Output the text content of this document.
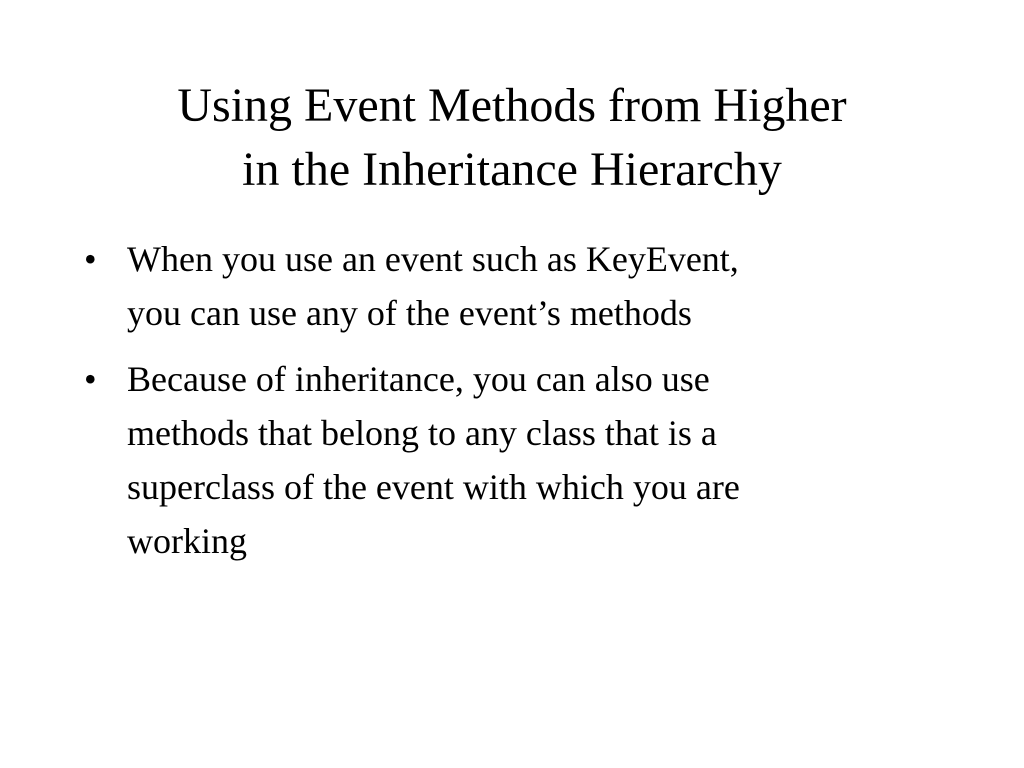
Using Event Methods from Higher
in the Inheritance Hierarchy
• When you use an event such as KeyEvent,
you can use any of the event’s methods
• Because of inheritance, you can also use
methods that belong to any class that is a
superclass of the event with which you are
working
